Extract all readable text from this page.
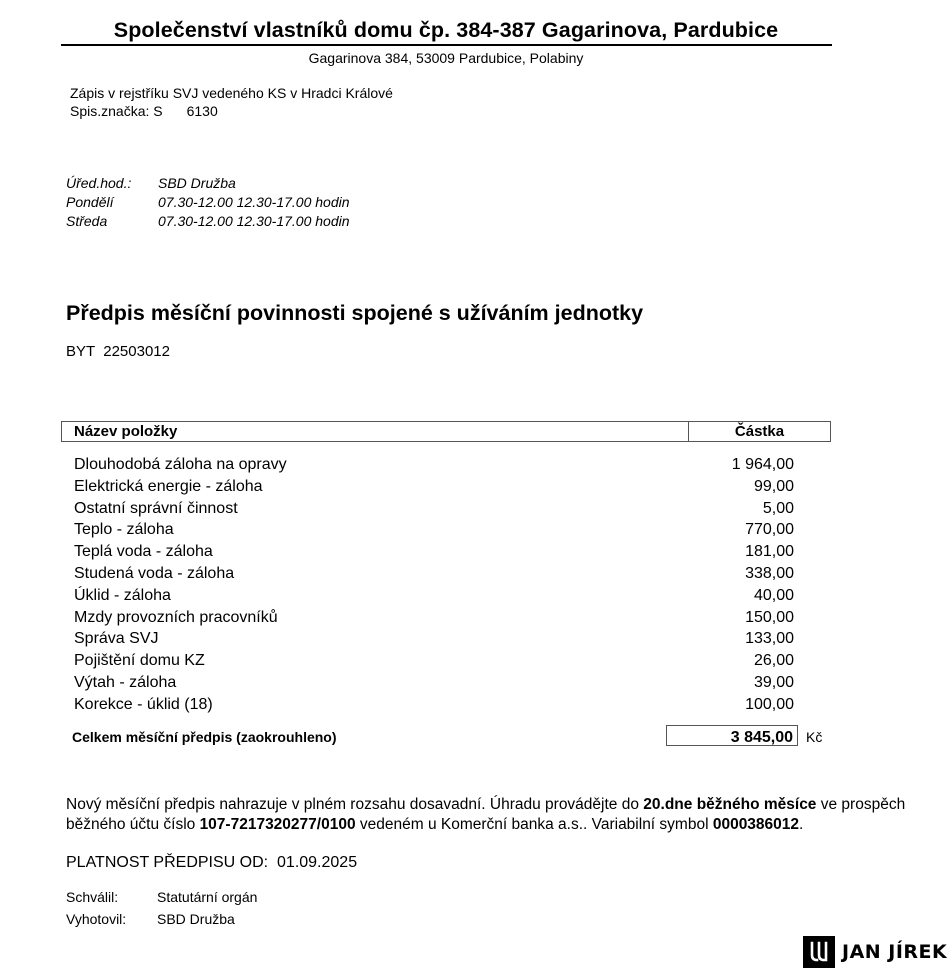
Společenství vlastníků domu čp. 384-387 Gagarinova, Pardubice
Gagarinova 384, 53009 Pardubice, Polabiny
Zápis v rejstříku SVJ vedeného KS v Hradci Králové
Spis.značka: S 6130
Úřed.hod.:	SBD Družba
Pondělí	07.30-12.00 12.30-17.00 hodin
Středa	07.30-12.00 12.30-17.00 hodin
Předpis měsíční povinnosti spojené s užíváním jednotky
BYT  22503012
Název položky	Částka
Dlouhodobá záloha na opravy	1 964,00
Elektrická energie - záloha	99,00
Ostatní správní činnost	5,00
Teplo - záloha	770,00
Teplá voda - záloha	181,00
Studená voda - záloha	338,00
Úklid - záloha	40,00
Mzdy provozních pracovníků	150,00
Správa SVJ	133,00
Pojištění domu KZ	26,00
Výtah - záloha	39,00
Korekce - úklid (18)	100,00
Celkem měsíční předpis (zaokrouhleno)	3 845,00 Kč
Nový měsíční předpis nahrazuje v plném rozsahu dosavadní. Úhradu provádějte do 20.dne běžného měsíce ve prospěch běžného účtu číslo 107-7217320277/0100 vedeném u Komerční banka a.s.. Variabilní symbol 0000386012.
PLATNOST PŘEDPISU OD: 01.09.2025
Schválil:	Statutární orgán
Vyhotovil:	SBD Družba
JAN JÍREK
